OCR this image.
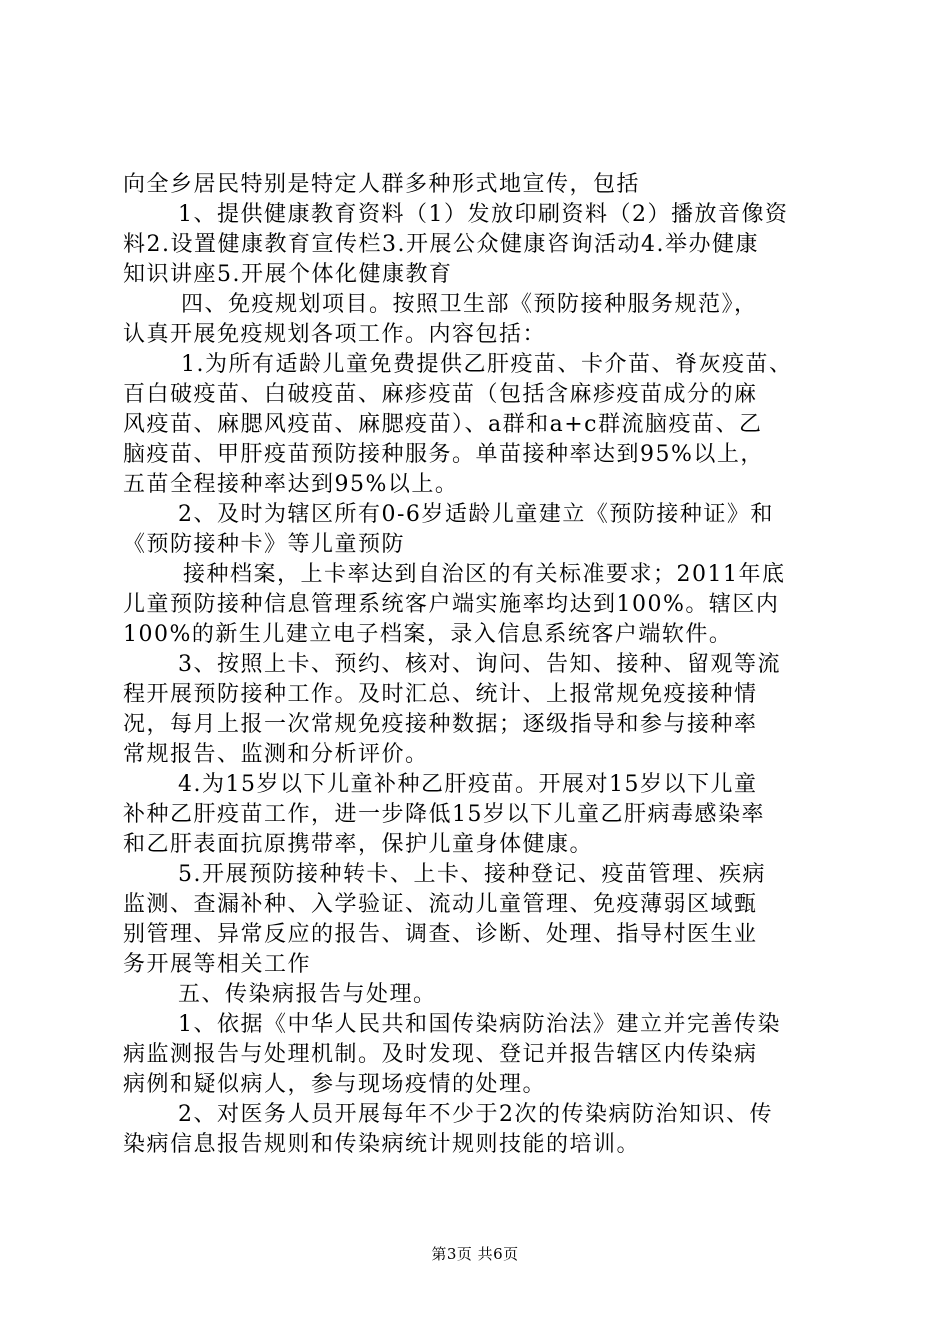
向全乡居民特别是特定人群多种形式地宣传，包括
1、提供健康教育资料（1）发放印刷资料（2）播放音像资
料2.设置健康教育宣传栏3.开展公众健康咨询活动4.举办健康
知识讲座5.开展个体化健康教育
四、免疫规划项目。按照卫生部《预防接种服务规范》，
认真开展免疫规划各项工作。内容包括：
1.为所有适龄儿童免费提供乙肝疫苗、卡介苗、脊灰疫苗、
百白破疫苗、白破疫苗、麻疹疫苗（包括含麻疹疫苗成分的麻
风疫苗、麻腮风疫苗、麻腮疫苗）、a群和a+c群流脑疫苗、乙
脑疫苗、甲肝疫苗预防接种服务。单苗接种率达到95%以上，
五苗全程接种率达到95%以上。
2、及时为辖区所有0-6岁适龄儿童建立《预防接种证》和
《预防接种卡》等儿童预防
接种档案，上卡率达到自治区的有关标准要求；2011年底
儿童预防接种信息管理系统客户端实施率均达到100%。辖区内
100%的新生儿建立电子档案，录入信息系统客户端软件。
3、按照上卡、预约、核对、询问、告知、接种、留观等流
程开展预防接种工作。及时汇总、统计、上报常规免疫接种情
况，每月上报一次常规免疫接种数据；逐级指导和参与接种率
常规报告、监测和分析评价。
4.为15岁以下儿童补种乙肝疫苗。开展对15岁以下儿童
补种乙肝疫苗工作，进一步降低15岁以下儿童乙肝病毒感染率
和乙肝表面抗原携带率，保护儿童身体健康。
5.开展预防接种转卡、上卡、接种登记、疫苗管理、疾病
监测、查漏补种、入学验证、流动儿童管理、免疫薄弱区域甄
别管理、异常反应的报告、调查、诊断、处理、指导村医生业
务开展等相关工作
五、传染病报告与处理。
1、依据《中华人民共和国传染病防治法》建立并完善传染
病监测报告与处理机制。及时发现、登记并报告辖区内传染病
病例和疑似病人，参与现场疫情的处理。
2、对医务人员开展每年不少于2次的传染病防治知识、传
染病信息报告规则和传染病统计规则技能的培训。
第3页 共6页
